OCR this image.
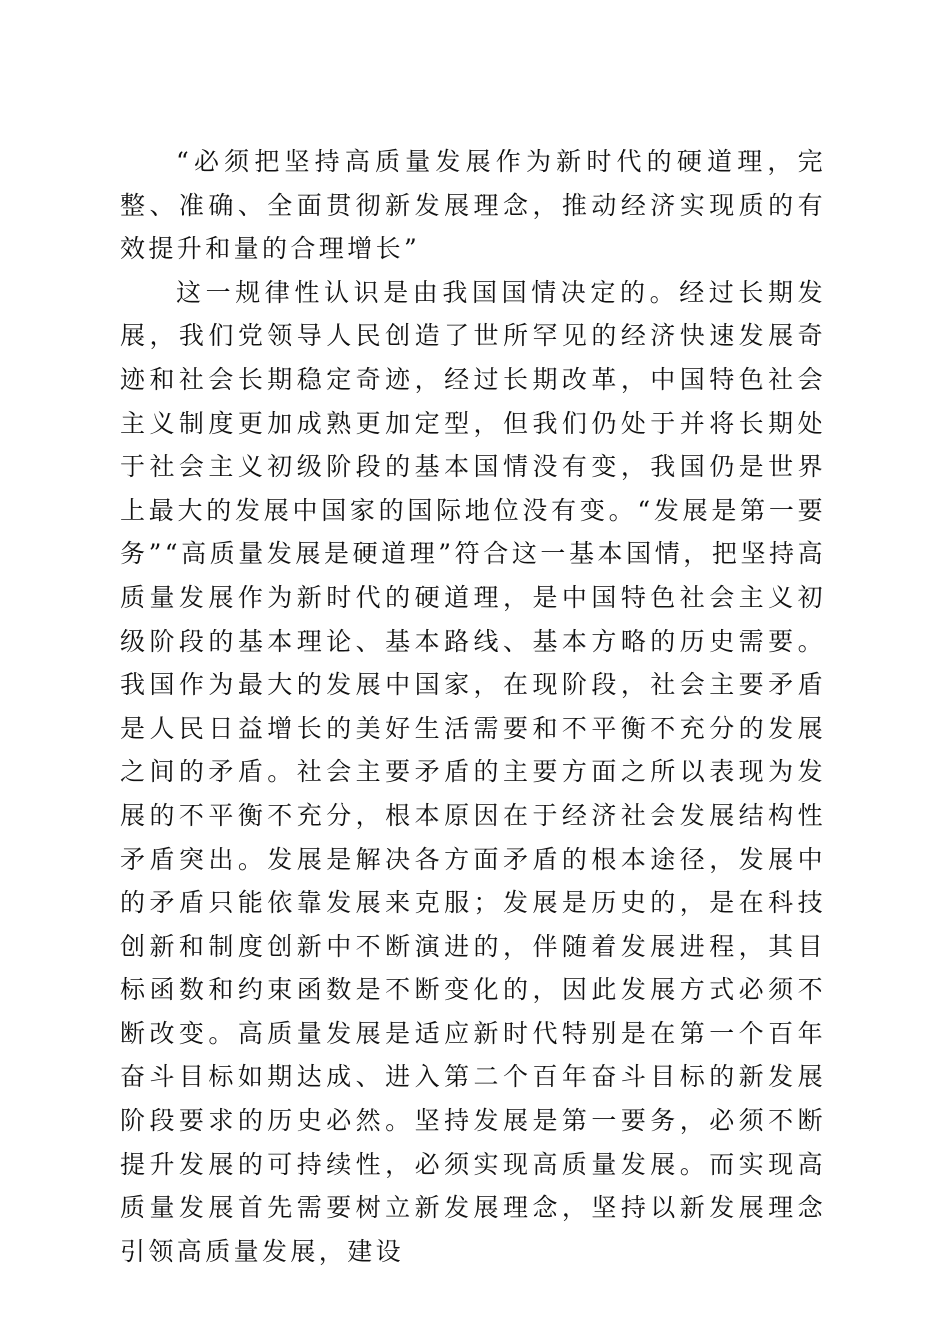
“必须把坚持高质量发展作为新时代的硬道理，完整、准确、全面贯彻新发展理念，推动经济实现质的有效提升和量的合理增长”

这一规律性认识是由我国国情决定的。经过长期发展，我们党领导人民创造了世所罕见的经济快速发展奇迹和社会长期稳定奇迹，经过长期改革，中国特色社会主义制度更加成熟更加定型，但我们仍处于并将长期处于社会主义初级阶段的基本国情没有变，我国仍是世界上最大的发展中国家的国际地位没有变。“发展是第一要务”“高质量发展是硬道理”符合这一基本国情，把坚持高质量发展作为新时代的硬道理，是中国特色社会主义初级阶段的基本理论、基本路线、基本方略的历史需要。我国作为最大的发展中国家，在现阶段，社会主要矛盾是人民日益增长的美好生活需要和不平衡不充分的发展之间的矛盾。社会主要矛盾的主要方面之所以表现为发展的不平衡不充分，根本原因在于经济社会发展结构性矛盾突出。发展是解决各方面矛盾的根本途径，发展中的矛盾只能依靠发展来克服；发展是历史的，是在科技创新和制度创新中不断演进的，伴随着发展进程，其目标函数和约束函数是不断变化的，因此发展方式必须不断改变。高质量发展是适应新时代特别是在第一个百年奋斗目标如期达成、进入第二个百年奋斗目标的新发展阶段要求的历史必然。坚持发展是第一要务，必须不断提升发展的可持续性，必须实现高质量发展。而实现高质量发展首先需要树立新发展理念，坚持以新发展理念引领高质量发展，建设
